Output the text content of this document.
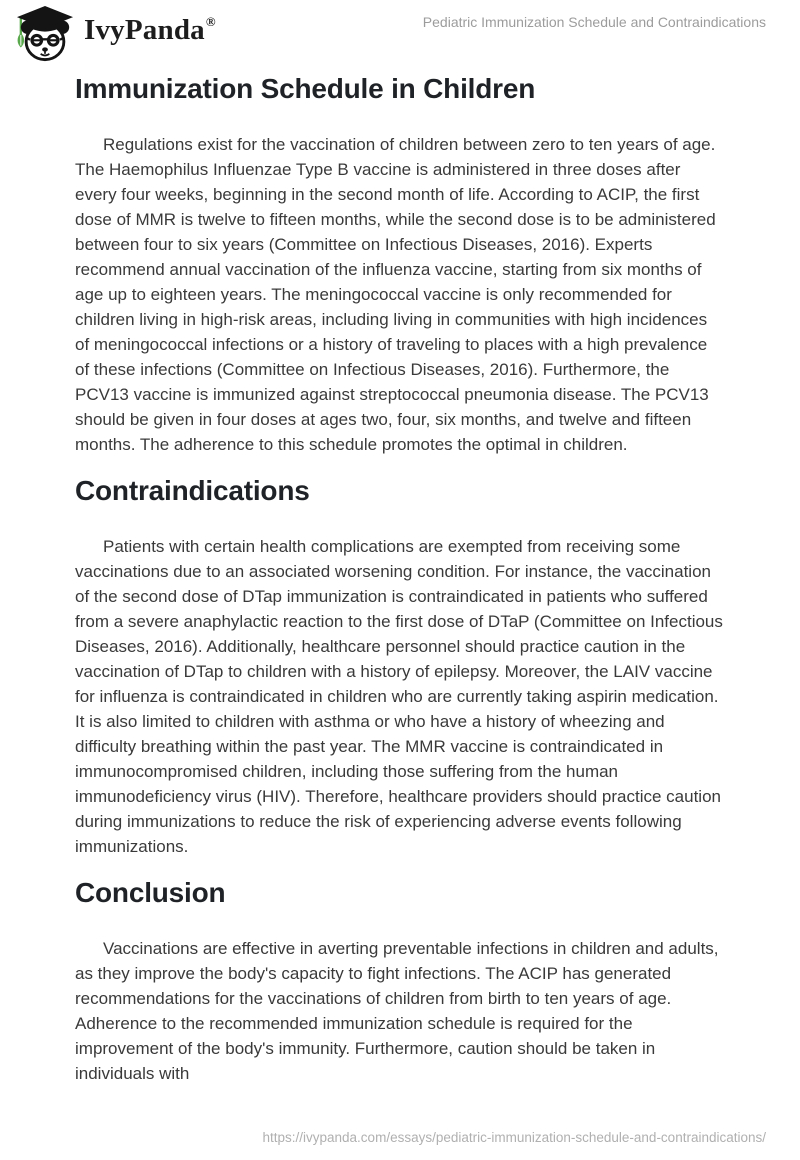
IvyPanda®	Pediatric Immunization Schedule and Contraindications
Immunization Schedule in Children

Regulations exist for the vaccination of children between zero to ten years of age. The Haemophilus Influenzae Type B vaccine is administered in three doses after every four weeks, beginning in the second month of life. According to ACIP, the first dose of MMR is twelve to fifteen months, while the second dose is to be administered between four to six years (Committee on Infectious Diseases, 2016). Experts recommend annual vaccination of the influenza vaccine, starting from six months of age up to eighteen years. The meningococcal vaccine is only recommended for children living in high-risk areas, including living in communities with high incidences of meningococcal infections or a history of traveling to places with a high prevalence of these infections (Committee on Infectious Diseases, 2016). Furthermore, the PCV13 vaccine is immunized against streptococcal pneumonia disease. The PCV13 should be given in four doses at ages two, four, six months, and twelve and fifteen months. The adherence to this schedule promotes the optimal in children.

Contraindications

Patients with certain health complications are exempted from receiving some vaccinations due to an associated worsening condition. For instance, the vaccination of the second dose of DTap immunization is contraindicated in patients who suffered from a severe anaphylactic reaction to the first dose of DTaP (Committee on Infectious Diseases, 2016). Additionally, healthcare personnel should practice caution in the vaccination of DTap to children with a history of epilepsy. Moreover, the LAIV vaccine for influenza is contraindicated in children who are currently taking aspirin medication. It is also limited to children with asthma or who have a history of wheezing and difficulty breathing within the past year. The MMR vaccine is contraindicated in immunocompromised children, including those suffering from the human immunodeficiency virus (HIV). Therefore, healthcare providers should practice caution during immunizations to reduce the risk of experiencing adverse events following immunizations.

Conclusion

Vaccinations are effective in averting preventable infections in children and adults, as they improve the body's capacity to fight infections. The ACIP has generated recommendations for the vaccinations of children from birth to ten years of age. Adherence to the recommended immunization schedule is required for the improvement of the body's immunity. Furthermore, caution should be taken in individuals with

https://ivypanda.com/essays/pediatric-immunization-schedule-and-contraindications/
